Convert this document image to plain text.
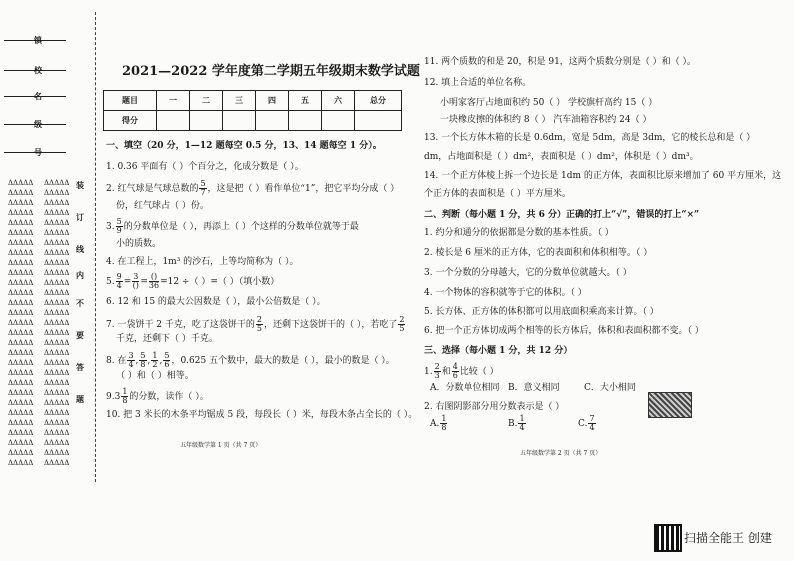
镇
校
名
级
号
ΔΔΔΔΔ
ΔΔΔΔΔ
ΔΔΔΔΔ
ΔΔΔΔΔ
ΔΔΔΔΔ
ΔΔΔΔΔ
ΔΔΔΔΔ
ΔΔΔΔΔ
ΔΔΔΔΔ
ΔΔΔΔΔ
ΔΔΔΔΔ
ΔΔΔΔΔ
ΔΔΔΔΔ
ΔΔΔΔΔ
ΔΔΔΔΔ
ΔΔΔΔΔ
ΔΔΔΔΔ
ΔΔΔΔΔ
ΔΔΔΔΔ
ΔΔΔΔΔ
ΔΔΔΔΔ
ΔΔΔΔΔ
ΔΔΔΔΔ
ΔΔΔΔΔ
ΔΔΔΔΔ
ΔΔΔΔΔ
ΔΔΔΔΔ
ΔΔΔΔΔ
ΔΔΔΔΔ
ΔΔΔΔΔ
ΔΔΔΔΔ
ΔΔΔΔΔ
ΔΔΔΔΔ
ΔΔΔΔΔ
ΔΔΔΔΔ
ΔΔΔΔΔ
ΔΔΔΔΔ
ΔΔΔΔΔ
ΔΔΔΔΔ
ΔΔΔΔΔ
ΔΔΔΔΔ
ΔΔΔΔΔ
ΔΔΔΔΔ
ΔΔΔΔΔ
ΔΔΔΔΔ
ΔΔΔΔΔ
ΔΔΔΔΔ
ΔΔΔΔΔ
ΔΔΔΔΔ
ΔΔΔΔΔ
ΔΔΔΔΔ
ΔΔΔΔΔ
ΔΔΔΔΔ
ΔΔΔΔΔ
ΔΔΔΔΔ
ΔΔΔΔΔ
ΔΔΔΔΔ
ΔΔΔΔΔ
装
订
线
内
不
要
答
题
2021—2022 学年度第二学期五年级期末数学试题
题目	一	二	三	四	五	六	总分
得分							
一、填空（20 分，1—12 题每空 0.5 分，13、14 题每空 1 分）。
1. 0.36 平面有（ ）个百分之，化成分数是（ ）。
2. 红气球是气球总数的 $\frac{5}{7}$ ，这是把（ ）看作单位“1”，把它平均分成（ ）
份，红气球占（ ）份。
3. $\frac{5}{9}$ 的分数单位是（ ），再添上（ ）个这样的分数单位就等于最
小的质数。
4. 在工程上，1m³ 的沙石，上等均简称为（ ）。
5. $\frac{9}{4} = \frac{3}{()} = \frac{()}{36} =12$ ÷（ ）=（ ）（填小数）
6. 12 和 15 的最大公因数是（ ），最小公倍数是（ ）。
7. 一袋饼干 2 千克，吃了这袋饼干的 $\frac{2}{5}$ ，还剩下这袋饼干的（ ），若吃了 $\frac{2}{5}$
千克，还剩下（ ）千克。
8. 在 $\frac{3}{4}$ , $\frac{5}{8}$ , $\frac{1}{2}$ , $\frac{5}{6}$ ，0.625 五个数中，最大的数是（ ），最小的数是（ ）。
（ ）和（ ）相等。
9. $3 \frac{1}{8}$ 的分数，读作（ ）。
10. 把 3 米长的木条平均锯成 5 段，每段长（ ）米，每段木条占全长的（ ）。
五年级数学第 1 页（共 7 页）
11. 两个质数的和是 20，积是 91，这两个质数分别是（ ）和（ ）。
12. 填上合适的单位名称。
小明家客厅占地面积约 50（ ） 学校旗杆高约 15（ ）
一块橡皮擦的体积约 8（ ） 汽车油箱容积约 24（ ）
13. 一个长方体木箱的长是 0.6dm，宽是 5dm，高是 3dm，它的棱长总和是（ ）
dm，占地面积是（ ）dm²，表面积是（ ）dm²，体积是（ ）dm³。
14. 一个正方体棱上拆一个边长是 1dm 的正方体，表面积比原来增加了 60 平方厘米，这
个正方体的表面积是（ ）平方厘米。
二、判断（每小题 1 分，共 6 分）正确的打上“√”，错误的打上“×”
1. 约分和通分的依据都是分数的基本性质。（ ）
2. 棱长是 6 厘米的正方体，它的表面积和体积相等。（ ）
3. 一个分数的分母越大，它的分数单位就越大。（ ）
4. 一个物体的容积就等于它的体积。（ ）
5. 长方体、正方体的体积都可以用底面积乘高来计算。（ ）
6. 把一个正方体切成两个相等的长方体后，体积和表面积都不变。（ ）
三、选择（每小题 1 分，共 12 分）
1. $\frac{2}{3}$ 和 $\frac{4}{6}$ 比较（ ）
A．分数单位相同 B．意义相同	C．大小相同
2. 右图阴影部分用分数表示是（ ）
A. $\frac{1}{8}$	B. $\frac{1}{4}$	C. $\frac{7}{4}$
五年级数学第 2 页（共 7 页）
扫描全能王 创建
